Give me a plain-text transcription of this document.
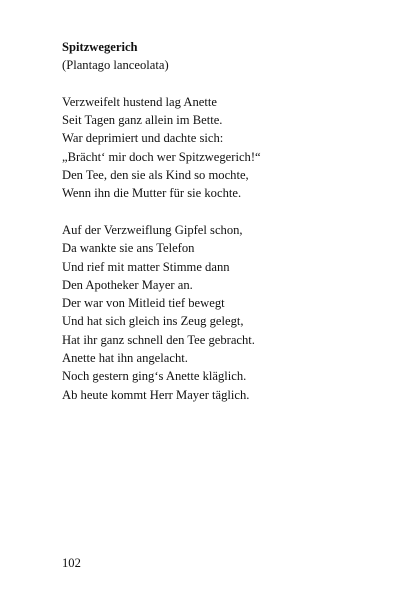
Spitzwegerich

(Plantago lanceolata)

Verzweifelt hustend lag Anette
Seit Tagen ganz allein im Bette.
War deprimiert und dachte sich:
„Brächt‘ mir doch wer Spitzwegerich!“
Den Tee, den sie als Kind so mochte,
Wenn ihn die Mutter für sie kochte.
Auf der Verzweiflung Gipfel schon,
Da wankte sie ans Telefon
Und rief mit matter Stimme dann
Den Apotheker Mayer an.
Der war von Mitleid tief bewegt
Und hat sich gleich ins Zeug gelegt,
Hat ihr ganz schnell den Tee gebracht.
Anette hat ihn angelacht.
Noch gestern ging‘s Anette kläglich.
Ab heute kommt Herr Mayer täglich.
102
